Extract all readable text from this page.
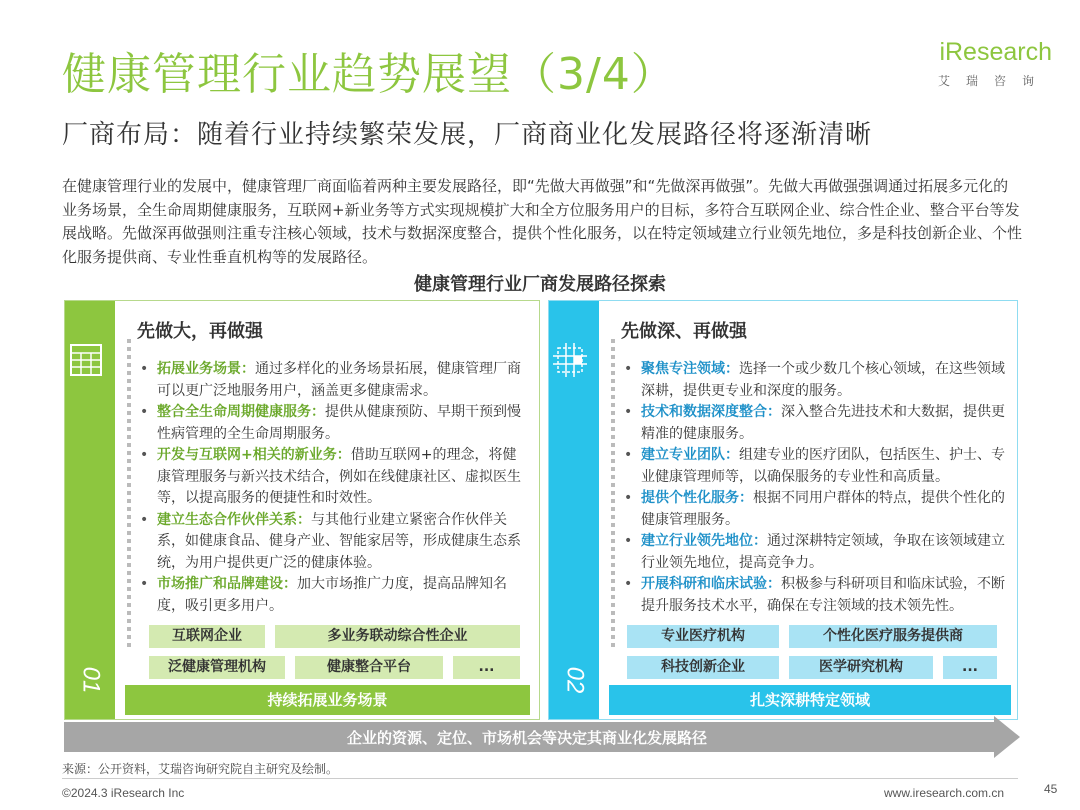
健康管理行业趋势展望（3/4）
厂商布局：随着行业持续繁荣发展，厂商商业化发展路径将逐渐清晰
iResearch
艾瑞咨询

在健康管理行业的发展中，健康管理厂商面临着两种主要发展路径，即“先做大再做强”和“先做深再做强”。先做大再做强强调通过拓展多元化的业务场景，全生命周期健康服务，互联网+新业务等方式实现规模扩大和全方位服务用户的目标，多符合互联网企业、综合性企业、整合平台等发展战略。先做深再做强则注重专注核心领域，技术与数据深度整合，提供个性化服务，以在特定领域建立行业领先地位，多是科技创新企业、个性化服务提供商、专业性垂直机构等的发展路径。

健康管理行业厂商发展路径探索
01
先做大，再做强
• 拓展业务场景：通过多样化的业务场景拓展，健康管理厂商可以更广泛地服务用户，涵盖更多健康需求。
• 整合全生命周期健康服务：提供从健康预防、早期干预到慢性病管理的全生命周期服务。
• 开发与互联网+相关的新业务：借助互联网+的理念，将健康管理服务与新兴技术结合，例如在线健康社区、虚拟医生等，以提高服务的便捷性和时效性。
• 建立生态合作伙伴关系：与其他行业建立紧密合作伙伴关系，如健康食品、健身产业、智能家居等，形成健康生态系统，为用户提供更广泛的健康体验。
• 市场推广和品牌建设：加大市场推广力度，提高品牌知名度，吸引更多用户。
互联网企业	多业务联动综合性企业
泛健康管理机构	健康整合平台	...
持续拓展业务场景
02
先做深、再做强
• 聚焦专注领域：选择一个或少数几个核心领域，在这些领域深耕，提供更专业和深度的服务。
• 技术和数据深度整合：深入整合先进技术和大数据，提供更精准的健康服务。
• 建立专业团队：组建专业的医疗团队，包括医生、护士、专业健康管理师等，以确保服务的专业性和高质量。
• 提供个性化服务：根据不同用户群体的特点，提供个性化的健康管理服务。
• 建立行业领先地位：通过深耕特定领域，争取在该领域建立行业领先地位，提高竞争力。
• 开展科研和临床试验：积极参与科研项目和临床试验，不断提升服务技术水平，确保在专注领域的技术领先性。
专业医疗机构	个性化医疗服务提供商
科技创新企业	医学研究机构	...
扎实深耕特定领域
企业的资源、定位、市场机会等决定其商业化发展路径
来源：公开资料，艾瑞咨询研究院自主研究及绘制。
©2024.3 iResearch Inc	www.iresearch.com.cn	45
